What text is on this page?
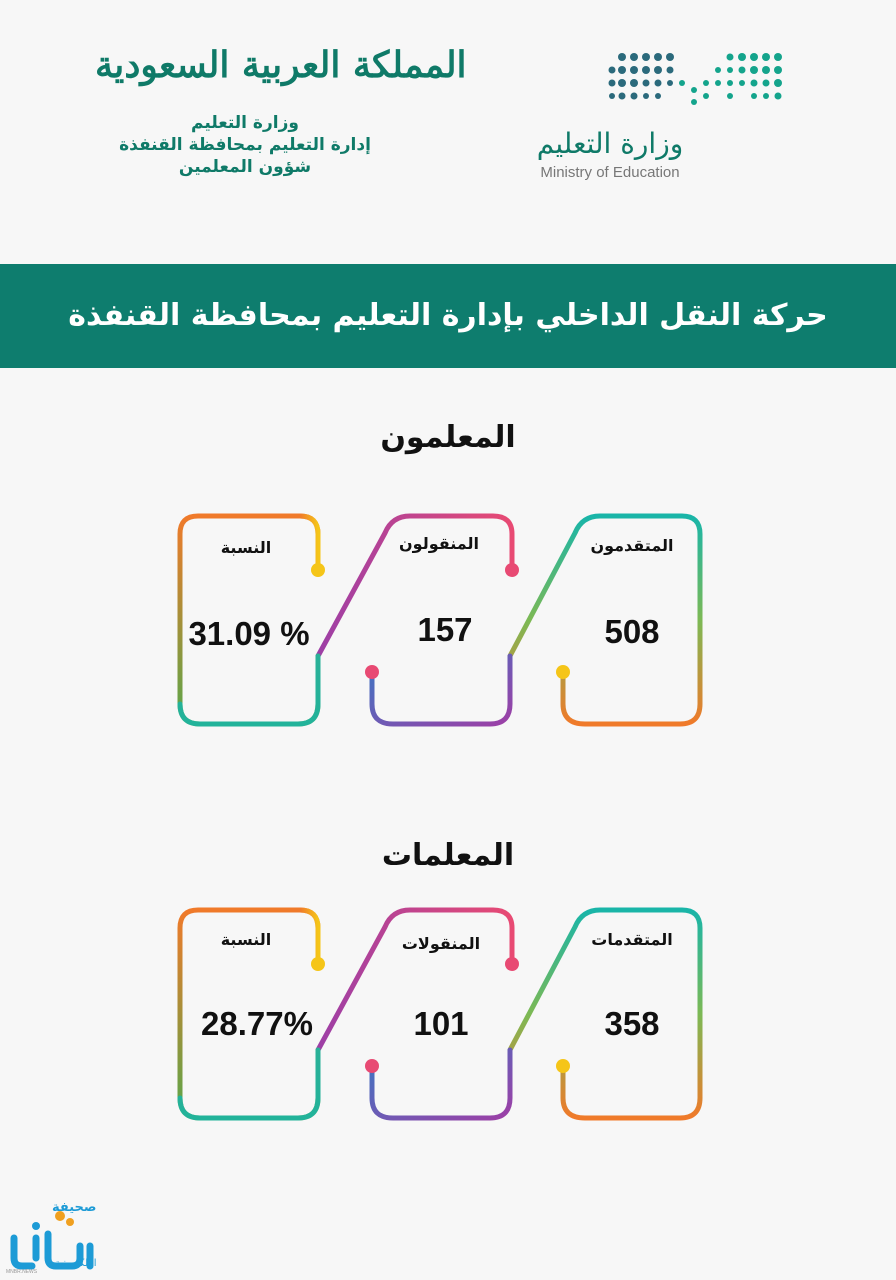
المملكة العربية السعودية
وزارة التعليم
إدارة التعليم بمحافظة القنفذة
شؤون المعلمين
وزارة التعليم
Ministry of Education
حركة النقل الداخلي بإدارة التعليم بمحافظة القنفذة
المعلمون
المتقدمون
508
المنقولون
157
النسبة
31.09 %
المعلمات
المتقدمات
358
المنقولات
101
النسبة
28.77%
صحيفة
الإلكترونية
MNBR.NEWS
